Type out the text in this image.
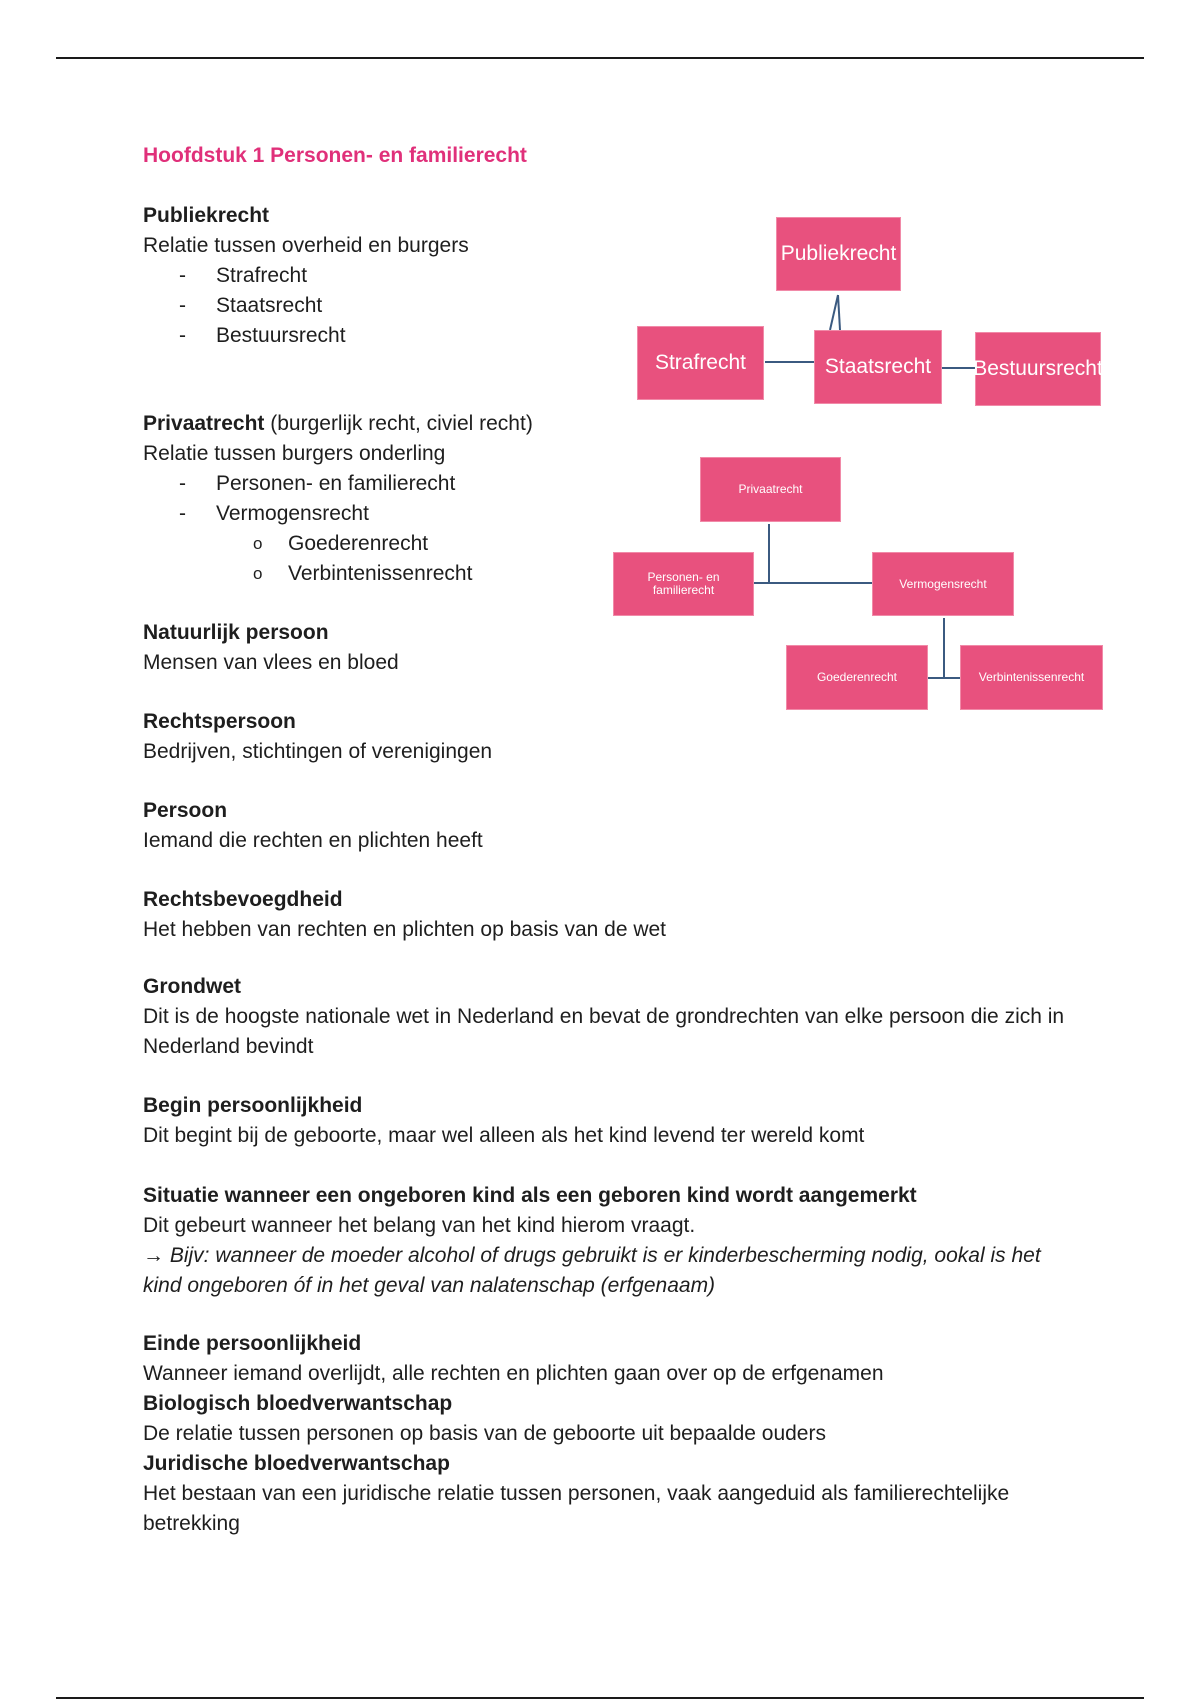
Hoofdstuk 1 Personen- en familierecht
Publiekrecht
Relatie tussen overheid en burgers
- Strafrecht
- Staatsrecht
- Bestuursrecht
Privaatrecht (burgerlijk recht, civiel recht)
Relatie tussen burgers onderling
- Personen- en familierecht
- Vermogensrecht
o Goederenrecht
o Verbintenissenrecht
Natuurlijk persoon
Mensen van vlees en bloed
Rechtspersoon
Bedrijven, stichtingen of verenigingen
Persoon
Iemand die rechten en plichten heeft
Rechtsbevoegdheid
Het hebben van rechten en plichten op basis van de wet
Grondwet
Dit is de hoogste nationale wet in Nederland en bevat de grondrechten van elke persoon die zich in Nederland bevindt
Begin persoonlijkheid
Dit begint bij de geboorte, maar wel alleen als het kind levend ter wereld komt
Situatie wanneer een ongeboren kind als een geboren kind wordt aangemerkt
Dit gebeurt wanneer het belang van het kind hierom vraagt.
→ Bijv: wanneer de moeder alcohol of drugs gebruikt is er kinderbescherming nodig, ookal is het kind ongeboren óf in het geval van nalatenschap (erfgenaam)
Einde persoonlijkheid
Wanneer iemand overlijdt, alle rechten en plichten gaan over op de erfgenamen
Biologisch bloedverwantschap
De relatie tussen personen op basis van de geboorte uit bepaalde ouders
Juridische bloedverwantschap
Het bestaan van een juridische relatie tussen personen, vaak aangeduid als familierechtelijke betrekking
Publiekrecht
Strafrecht	Staatsrecht	Bestuursrecht
Privaatrecht
Personen- en familierecht	Vermogensrecht
Goederenrecht	Verbintenissenrecht
